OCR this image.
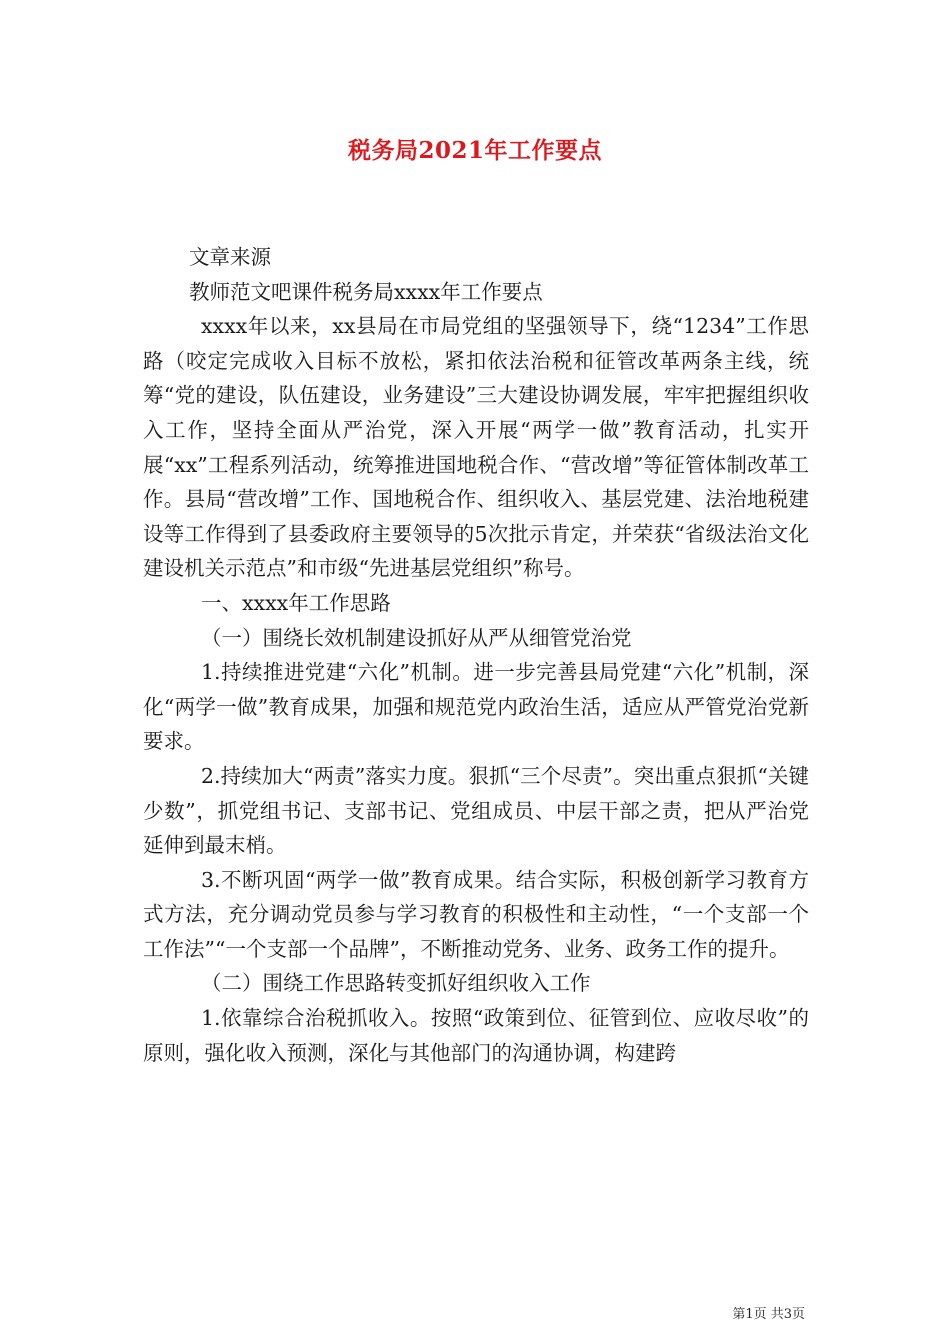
税务局2021年工作要点

文章来源

教师范文吧课件税务局xxxx年工作要点

xxxx年以来，xx县局在市局党组的坚强领导下，绕“1234”工作思路（咬定完成收入目标不放松，紧扣依法治税和征管改革两条主线，统筹“党的建设，队伍建设，业务建设”三大建设协调发展，牢牢把握组织收入工作，坚持全面从严治党，深入开展“两学一做”教育活动，扎实开展“xx”工程系列活动，统筹推进国地税合作、“营改增”等征管体制改革工作。县局“营改增”工作、国地税合作、组织收入、基层党建、法治地税建设等工作得到了县委政府主要领导的5次批示肯定，并荣获“省级法治文化建设机关示范点”和市级“先进基层党组织”称号。

一、xxxx年工作思路

（一）围绕长效机制建设抓好从严从细管党治党

1.持续推进党建“六化”机制。进一步完善县局党建“六化”机制，深化“两学一做”教育成果，加强和规范党内政治生活，适应从严管党治党新要求。

2.持续加大“两责”落实力度。狠抓“三个尽责”。突出重点狠抓“关键少数”，抓党组书记、支部书记、党组成员、中层干部之责，把从严治党延伸到最末梢。

3.不断巩固“两学一做”教育成果。结合实际，积极创新学习教育方式方法，充分调动党员参与学习教育的积极性和主动性，“一个支部一个工作法”“一个支部一个品牌”，不断推动党务、业务、政务工作的提升。

（二）围绕工作思路转变抓好组织收入工作

1.依靠综合治税抓收入。按照“政策到位、征管到位、应收尽收”的原则，强化收入预测，深化与其他部门的沟通协调，构建跨

第1页 共3页
